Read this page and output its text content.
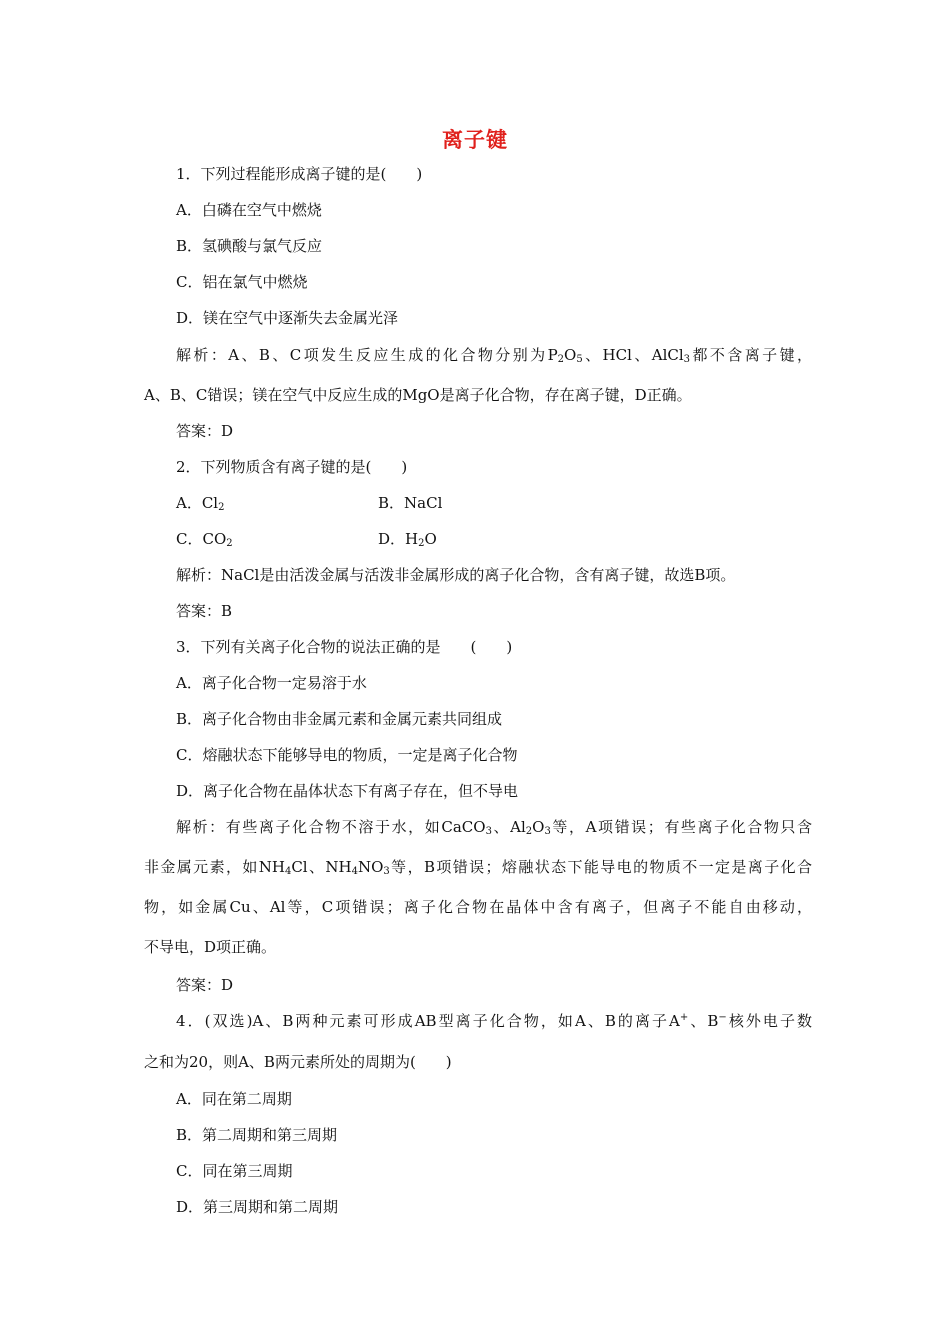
离子键
1．下列过程能形成离子键的是(　　)
A．白磷在空气中燃烧
B．氢碘酸与氯气反应
C．铝在氯气中燃烧
D．镁在空气中逐渐失去金属光泽
解析：A、B、C项发生反应生成的化合物分别为$P_2O_5$、HCl、AlCl$_3$都不含离子键，
A、B、C错误；镁在空气中反应生成的MgO是离子化合物，存在离子键，D正确。
答案：D
2．下列物质含有离子键的是(　　)
A．$Cl_2$	B．NaCl
C．$CO_2$	D．$H_2O$
解析：NaCl是由活泼金属与活泼非金属形成的离子化合物，含有离子键，故选B项。
答案：B
3．下列有关离子化合物的说法正确的是　　(　　)
A．离子化合物一定易溶于水
B．离子化合物由非金属元素和金属元素共同组成
C．熔融状态下能够导电的物质，一定是离子化合物
D．离子化合物在晶体状态下有离子存在，但不导电
解析：有些离子化合物不溶于水，如CaCO$_3$、$Al_2O_3$等，A项错误；有些离子化合物只含
非金属元素，如$NH_4Cl$、$NH_4NO_3$等，B项错误；熔融状态下能导电的物质不一定是离子化合
物，如金属Cu、Al等，C项错误；离子化合物在晶体中含有离子，但离子不能自由移动，
不导电，D项正确。
答案：D
4．(双选)A、B两种元素可形成AB型离子化合物，如A、B的离子A+、B−核外电子数
之和为20，则A、B两元素所处的周期为(　　)
A．同在第二周期
B．第二周期和第三周期
C．同在第三周期
D．第三周期和第二周期
